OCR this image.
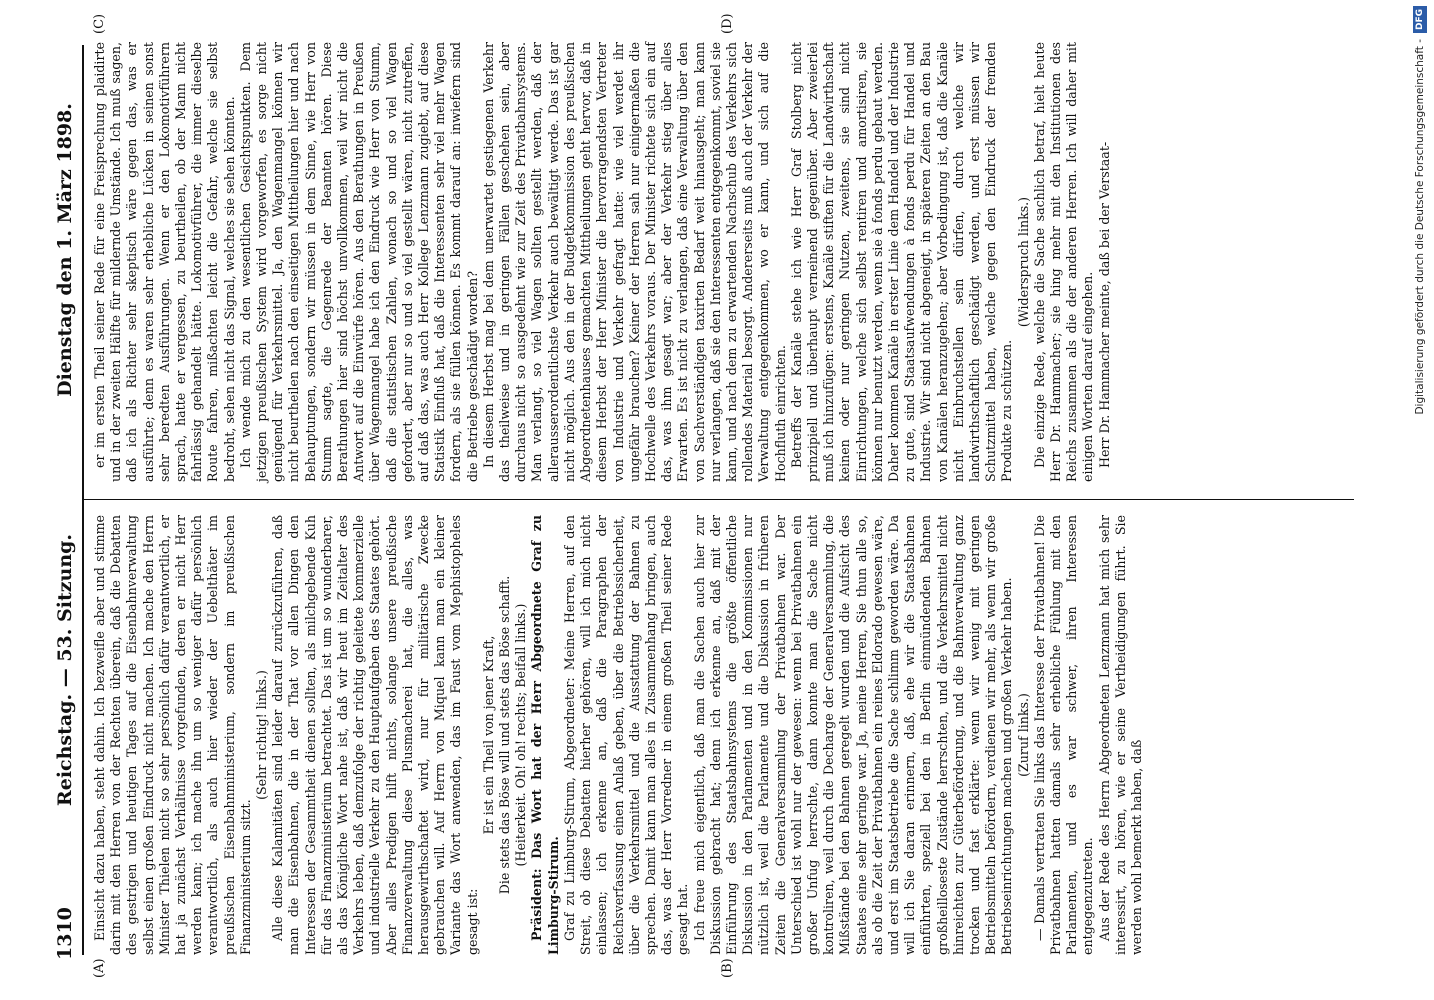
1310
Reichstag. — 53. Sitzung.
Dienstag den 1. März 1898.
(A)	(B)
(C)	(D)

Einsicht dazu haben, steht dahin. Ich bezweifle aber und stimme darin mit den Herren von der Rechten überein, daß die Debatten des gestrigen und heutigen Tages auf die Eisenbahnverwaltung selbst einen großen Eindruck nicht machen. Ich mache den Herrn Minister Thielen nicht so sehr persönlich dafür verantwortlich, er hat ja zunächst Verhältnisse vorgefunden, deren er nicht Herr werden kann; ich mache ihn um so weniger dafür persönlich verantwortlich, als auch hier wieder der Uebelthäter im preußischen Eisenbahnministerium, sondern im preußischen Finanzministerium sitzt.

(Sehr richtig! links.) Alle diese Kalamitäten sind leider darauf zurückzuführen, daß man die Eisenbahnen, die in der That vor allen Dingen den Interessen der Gesammtheit dienen sollten, als milchgebende Kuh für das Finanzministerium betrachtet. Das ist um so wunderbarer, als das Königliche Wort nahe ist, daß wir heut im Zeitalter des Verkehrs leben, daß demzufolge der richtig geleitete kommerzielle und industrielle Verkehr zu den Hauptaufgaben des Staates gehört. Aber alles Predigen hilft nichts, solange unsere preußische Finanzverwaltung diese Plusmacherei hat, die alles, was herausgewirthschaftet wird, nur für militärische Zwecke gebrauchen will. Auf Herrn von Miquel kann man ein kleiner Variante das Wort anwenden, das im Faust vom Mephistopheles gesagt ist:

Er ist ein Theil von jener Kraft, Die stets das Böse will und stets das Böse schafft. (Heiterkeit. Oh! oh! rechts; Beifall links.) Präsident: Das Wort hat der Herr Abgeordnete Graf zu Limburg-Stirum. Graf zu Limburg-Stirum, Abgeordneter: Meine Herren, auf den Streit, ob diese Debatten hierher gehören, will ich mich nicht einlassen; ich erkenne an, daß die Paragraphen der Reichsverfassung einen Anlaß geben, über die Betriebssicherheit, über die Verkehrsmittel und die Ausstattung der Bahnen zu sprechen. Damit kann man alles in Zusammenhang bringen, auch das, was der Herr Vorredner in einem großen Theil seiner Rede gesagt hat. Ich freue mich eigentlich, daß man die Sachen auch hier zur Diskussion gebracht hat; denn ich erkenne an, daß mit der Einführung des Staatsbahnsystems die größte öffentliche Diskussion in den Parlamenten und in den Kommissionen nur nützlich ist, weil die Parlamente und die Diskussion in früheren Zeiten die Generalversammlung der Privatbahnen war. Der Unterschied ist wohl nur der gewesen: wenn bei Privatbahnen ein großer Unfug herrschte, dann konnte man die Sache nicht kontroliren, weil durch die Decharge der Generalversammlung, die Mißstände bei den Bahnen geregelt wurden und die Aufsicht des Staates eine sehr geringe war. Ja, meine Herren, Sie thun alle so, als ob die Zeit der Privatbahnen ein reines Eldorado gewesen wäre, und erst im Staatsbetriebe die Sache schlimm geworden wäre. Da will ich Sie daran erinnern, daß, ehe wir die Staatsbahnen einführten, speziell bei den in Berlin einmündenden Bahnen großheilloseste Zustände herrschten, und die Verkehrsmittel nicht hinreichten zur Güterbeförderung, und die Bahnverwaltung ganz trocken und fast erklärte: wenn wir wenig mit geringen Betriebsmitteln befördern, verdienen wir mehr, als wenn wir große Betriebseinrichtungen machen und großen Verkehr haben. (Zuruf links.) — Damals vertraten Sie links das Interesse der Privatbahnen! Die Privatbahnen hatten damals sehr erhebliche Fühlung mit den Parlamenten, und es war schwer, ihren Interessen entgegenzutreten. Aus der Rede des Herrn Abgeordneten Lenzmann hat mich sehr interessirt, zu hören, wie er seine Vertheidigungen führt. Sie werden wohl bemerkt haben, daß

er im ersten Theil seiner Rede für eine Freisprechung plaidirte und in der zweiten Hälfte für mildernde Umstände. Ich muß sagen, daß ich als Richter sehr skeptisch wäre gegen das, was er ausführte; denn es waren sehr erhebliche Lücken in seinen sonst sehr beredten Ausführungen. Wenn er den Lokomotivführern sprach, hatte er vergessen, zu beurtheilen, ob der Mann nicht fahrlässig gehandelt hätte. Lokomotivführer, die immer dieselbe Route fahren, mißachten leicht die Gefahr, welche sie selbst bedroht, sehen nicht das Signal, welches sie sehen könnten. Ich wende mich zu den wesentlichen Gesichtspunkten. Dem jetzigen preußischen System wird vorgeworfen, es sorge nicht genügend für Verkehrsmittel. Ja, den Wagenmangel können wir nicht beurtheilen nach den einseitigen Mittheilungen hier und nach Behauptungen, sondern wir müssen in dem Sinne, wie Herr von Stumm sagte, die Gegenrede der Beamten hören. Diese Berathungen hier sind höchst unvollkommen, weil wir nicht die Antwort auf die Einwürfe hören. Aus den Berathungen in Preußen über Wagenmangel habe ich den Eindruck wie Herr von Stumm, daß die statistischen Zahlen, wonach so und so viel Wagen gefordert, aber nur so und so viel gestellt wären, nicht zutreffen, auf daß das, was auch Herr Kollege Lenzmann zugiebt, auf diese Statistik Einfluß hat, daß die Interessenten sehr viel mehr Wagen fordern, als sie füllen können. Es kommt darauf an: inwiefern sind die Betriebe geschädigt worden? In diesem Herbst mag bei dem unerwartet gestiegenen Verkehr das theilweise und in geringen Fällen geschehen sein, aber durchaus nicht so ausgedehnt wie zur Zeit des Privatbahnsystems. Man verlangt, so viel Wagen sollten gestellt werden, daß der allerausserordentlichste Verkehr auch bewältigt werde. Das ist gar nicht möglich. Aus den in der Budgetkommission des preußischen Abgeordnetenhauses gemachten Mittheilungen geht hervor, daß in diesem Herbst der Herr Minister die hervorragendsten Vertreter von Industrie und Verkehr gefragt hatte: wie viel werdet ihr ungefähr brauchen? Keiner der Herren sah nur einigermaßen die Hochwelle des Verkehrs voraus. Der Minister richtete sich ein auf das, was ihm gesagt war; aber der Verkehr stieg über alles Erwarten. Es ist nicht zu verlangen, daß eine Verwaltung über den von Sachverständigen taxirten Bedarf weit hinausgeht; man kann nur verlangen, daß sie den Interessenten entgegenkommt, soviel sie kann, und nach dem zu erwartenden Nachschub des Verkehrs sich rollendes Material besorgt. Andererseits muß auch der Verkehr der Verwaltung entgegenkommen, wo er kann, und sich auf die Hochfluth einrichten. Betreffs der Kanäle stehe ich wie Herr Graf Stolberg nicht prinzipiell und überhaupt verneinend gegenüber. Aber zweierlei muß ich hinzufügen: erstens, Kanäle stiften für die Landwirthschaft keinen oder nur geringen Nutzen, zweitens, sie sind nicht Einrichtungen, welche sich selbst rentiren und amortisiren, sie können nur benutzt werden, wenn sie à fonds perdu gebaut werden. Daher kommen Kanäle in erster Linie dem Handel und der Industrie zu gute, sind Staatsaufwendungen à fonds perdu für Handel und Industrie. Wir sind nicht abgeneigt, in späteren Zeiten an den Bau von Kanälen heranzugehen; aber Vorbedingung ist, daß die Kanäle nicht Einbruchstellen sein dürfen, durch welche wir landwirthschaftlich geschädigt werden, und erst müssen wir Schutzmittel haben, welche gegen den Eindruck der fremden Produkte zu schützen.

(Widerspruch links.) Die einzige Rede, welche die Sache sachlich betraf, hielt heute Herr Dr. Hammacher; sie hing mehr mit den Institutionen des Reichs zusammen als die der anderen Herren. Ich will daher mit einigen Worten darauf eingehen. Herr Dr. Hammacher meinte, daß bei der Verstaat-	Digitalisierung gefördert durch die Deutsche Forschungsgemeinschaft -DFG
